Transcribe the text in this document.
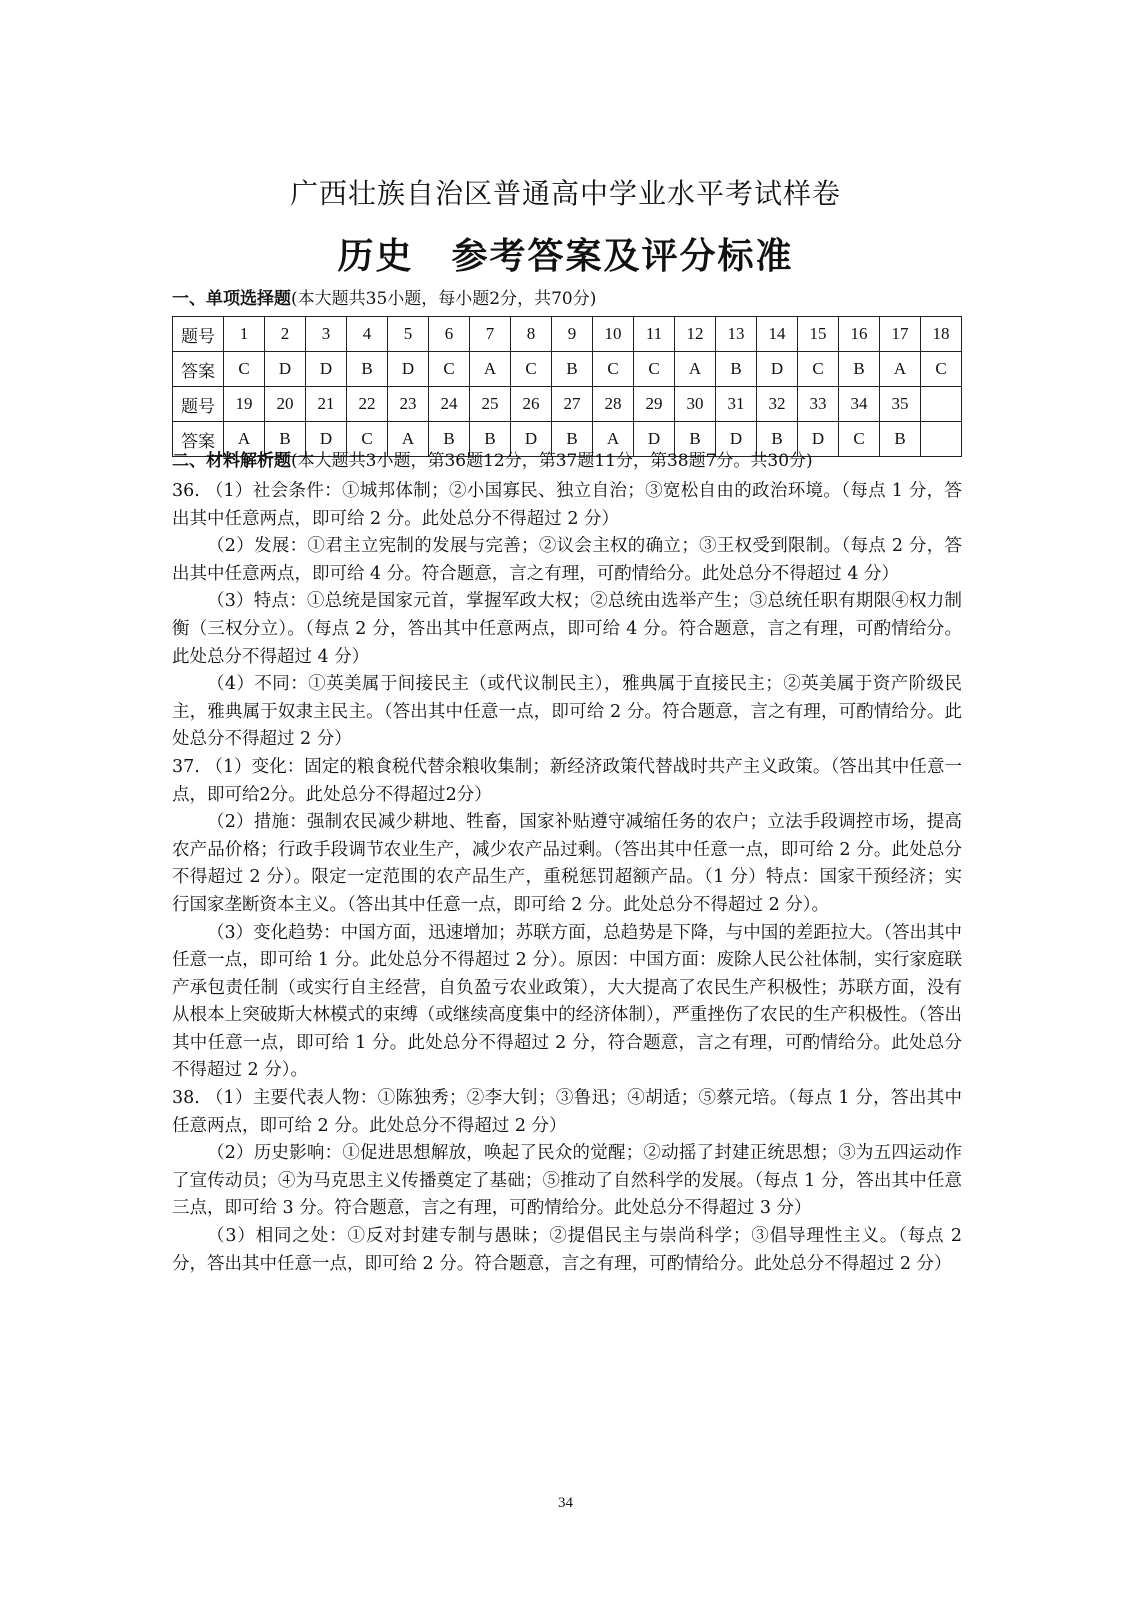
广西壮族自治区普通高中学业水平考试样卷
历史　参考答案及评分标准
一、单项选择题(本大题共35小题，每小题2分，共70分)
题号	1	2	3	4	5	6	7	8	9	10	11	12	13	14	15	16	17	18
答案	C	D	D	B	D	C	A	C	B	C	C	A	B	D	C	B	A	C
题号	19	20	21	22	23	24	25	26	27	28	29	30	31	32	33	34	35	
答案	A	B	D	C	A	B	B	D	B	A	D	B	D	B	D	C	B	
二、材料解析题(本大题共3小题，第36题12分，第37题11分，第38题7分。共30分)

36. （1）社会条件：①城邦体制；②小国寡民、独立自治；③宽松自由的政治环境。（每点 1 分，答出其中任意两点，即可给 2 分。此处总分不得超过 2 分）

（2）发展：①君主立宪制的发展与完善；②议会主权的确立；③王权受到限制。（每点 2 分，答出其中任意两点，即可给 4 分。符合题意，言之有理，可酌情给分。此处总分不得超过 4 分）

（3）特点：①总统是国家元首，掌握军政大权；②总统由选举产生；③总统任职有期限④权力制衡（三权分立）。（每点 2 分，答出其中任意两点，即可给 4 分。符合题意，言之有理，可酌情给分。此处总分不得超过 4 分）

（4）不同：①英美属于间接民主（或代议制民主），雅典属于直接民主；②英美属于资产阶级民主，雅典属于奴隶主民主。（答出其中任意一点，即可给 2 分。符合题意，言之有理，可酌情给分。此处总分不得超过 2 分）

37. （1）变化：固定的粮食税代替余粮收集制；新经济政策代替战时共产主义政策。（答出其中任意一点，即可给2分。此处总分不得超过2分）

（2）措施：强制农民减少耕地、牲畜，国家补贴遵守减缩任务的农户；立法手段调控市场，提高农产品价格；行政手段调节农业生产，减少农产品过剩。（答出其中任意一点，即可给 2 分。此处总分不得超过 2 分）。限定一定范围的农产品生产，重税惩罚超额产品。（1 分）特点：国家干预经济；实行国家垄断资本主义。（答出其中任意一点，即可给 2 分。此处总分不得超过 2 分）。

（3）变化趋势：中国方面，迅速增加；苏联方面，总趋势是下降，与中国的差距拉大。（答出其中任意一点，即可给 1 分。此处总分不得超过 2 分）。原因：中国方面：废除人民公社体制，实行家庭联产承包责任制（或实行自主经营，自负盈亏农业政策），大大提高了农民生产积极性；苏联方面，没有从根本上突破斯大林模式的束缚（或继续高度集中的经济体制），严重挫伤了农民的生产积极性。（答出其中任意一点，即可给 1 分。此处总分不得超过 2 分，符合题意，言之有理，可酌情给分。此处总分不得超过 2 分）。

38. （1）主要代表人物：①陈独秀；②李大钊；③鲁迅；④胡适；⑤蔡元培。（每点 1 分，答出其中任意两点，即可给 2 分。此处总分不得超过 2 分）

（2）历史影响：①促进思想解放，唤起了民众的觉醒；②动摇了封建正统思想；③为五四运动作了宣传动员；④为马克思主义传播奠定了基础；⑤推动了自然科学的发展。（每点 1 分，答出其中任意三点，即可给 3 分。符合题意，言之有理，可酌情给分。此处总分不得超过 3 分）

（3）相同之处：①反对封建专制与愚昧；②提倡民主与崇尚科学；③倡导理性主义。（每点 2 分，答出其中任意一点，即可给 2 分。符合题意，言之有理，可酌情给分。此处总分不得超过 2 分）

34
